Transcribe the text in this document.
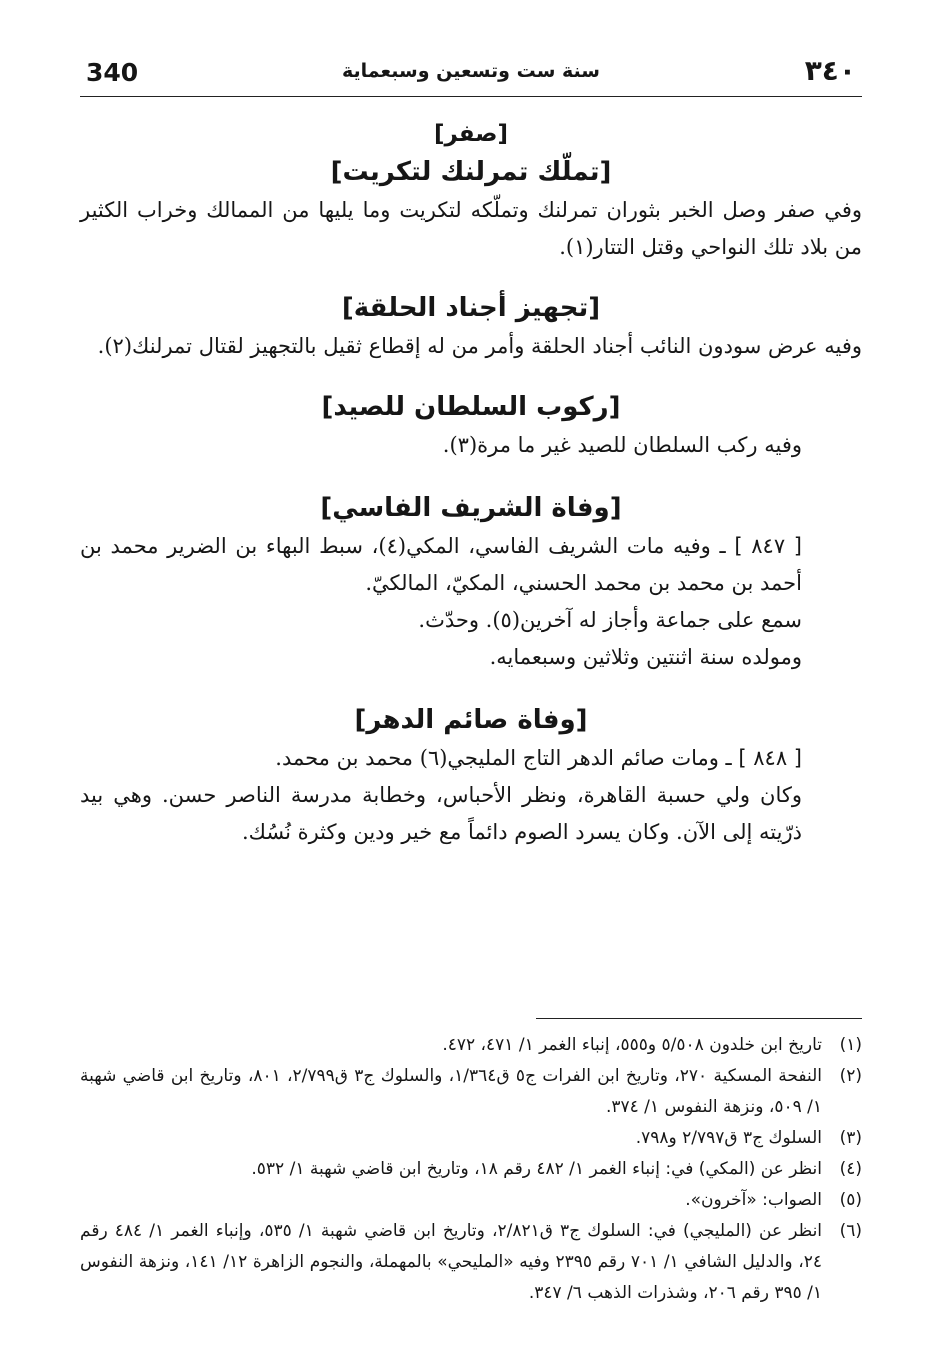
340	سنة ست وتسعين وسبعماية	٣٤٠
[صفر]
[تملّك تمرلنك لتكريت]

وفي صفر وصل الخبر بثوران تمرلنك وتملّكه لتكريت وما يليها من الممالك وخراب الكثير من بلاد تلك النواحي وقتل التتار(١).

[تجهيز أجناد الحلقة]

وفيه عرض سودون النائب أجناد الحلقة وأمر من له إقطاع ثقيل بالتجهيز لقتال تمرلنك(٢).

[ركوب السلطان للصيد]

وفيه ركب السلطان للصيد غير ما مرة(٣).

[وفاة الشريف الفاسي]

[ ٨٤٧ ] ـ وفيه مات الشريف الفاسي، المكي(٤)، سبط البهاء بن الضرير محمد بن أحمد بن محمد بن محمد الحسني، المكيّ، المالكيّ.

سمع على جماعة وأجاز له آخرين(٥). وحدّث.

ومولده سنة اثنتين وثلاثين وسبعمايه.

[وفاة صائم الدهر]

[ ٨٤٨ ] ـ ومات صائم الدهر التاج المليجي(٦) محمد بن محمد.

وكان ولي حسبة القاهرة، ونظر الأحباس، وخطابة مدرسة الناصر حسن. وهي بيد ذرّيته إلى الآن. وكان يسرد الصوم دائماً مع خير ودين وكثرة نُسُك.

(١)
تاريخ ابن خلدون ٥/٥٠٨ و٥٥٥، إنباء الغمر ١/ ٤٧١، ٤٧٢.
(٢)
النفحة المسكية ٢٧٠، وتاريخ ابن الفرات ج٥ ق١/٣٦٤، والسلوك ج٣ ق٢/٧٩٩، ٨٠١، وتاريخ ابن قاضي شهبة ١/ ٥٠٩، ونزهة النفوس ١/ ٣٧٤.
(٣)
السلوك ج٣ ق٢/٧٩٧ و٧٩٨.
(٤)
انظر عن (المكي) في: إنباء الغمر ١/ ٤٨٢ رقم ١٨، وتاريخ ابن قاضي شهبة ١/ ٥٣٢.
(٥)
الصواب: «آخرون».
(٦)
انظر عن (المليجي) في: السلوك ج٣ ق٢/٨٢١، وتاريخ ابن قاضي شهبة ١/ ٥٣٥، وإنباء الغمر ١/ ٤٨٤ رقم ٢٤، والدليل الشافي ١/ ٧٠١ رقم ٢٣٩٥ وفيه «المليحي» بالمهملة، والنجوم الزاهرة ١٢/ ١٤١، ونزهة النفوس ١/ ٣٩٥ رقم ٢٠٦، وشذرات الذهب ٦/ ٣٤٧.
